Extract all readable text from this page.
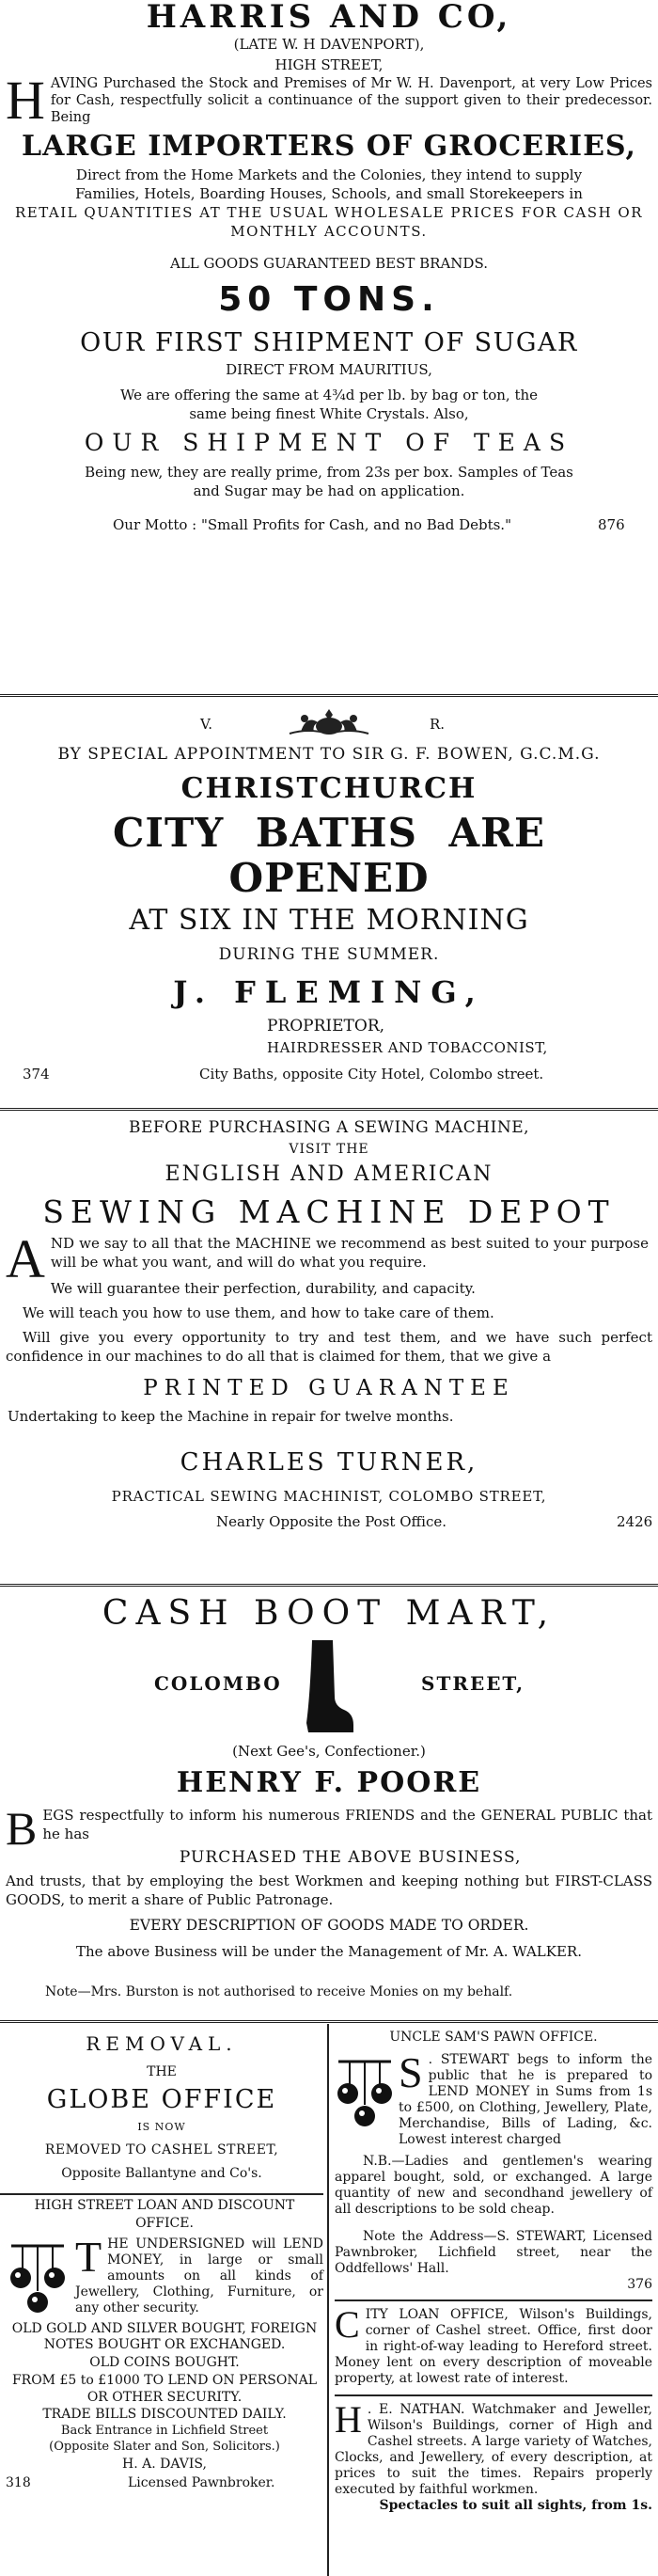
HARRIS AND CO,

(LATE W. H DAVENPORT),

HIGH STREET,

H AVING Purchased the Stock and Premises of Mr W. H. Davenport, at very Low Prices for Cash, respectfully solicit a continuance of the support given to their predecessor. Being

LARGE IMPORTERS OF GROCERIES,

Direct from the Home Markets and the Colonies, they intend to supply Families, Hotels, Boarding Houses, Schools, and small Storekeepers in

RETAIL QUANTITIES AT THE USUAL WHOLESALE PRICES FOR CASH OR MONTHLY ACCOUNTS.

ALL GOODS GUARANTEED BEST BRANDS.

50 TONS.

OUR FIRST SHIPMENT OF SUGAR

DIRECT FROM MAURITIUS,

We are offering the same at 4¾d per lb. by bag or ton, the same being finest White Crystals. Also,

OUR SHIPMENT OF TEAS

Being new, they are really prime, from 23s per box. Samples of Teas and Sugar may be had on application.

Our Motto : "Small Profits for Cash, and no Bad Debts."	876

V.	R.

BY SPECIAL APPOINTMENT TO SIR G. F. BOWEN, G.C.M.G.

CHRISTCHURCH

CITY BATHS ARE OPENED

AT SIX IN THE MORNING

DURING THE SUMMER.

J. FLEMING,

PROPRIETOR,

HAIRDRESSER AND TOBACCONIST,

374	City Baths, opposite City Hotel, Colombo street.

BEFORE PURCHASING A SEWING MACHINE,

VISIT THE

ENGLISH AND AMERICAN

SEWING MACHINE DEPOT

A ND we say to all that the MACHINE we recommend as best suited to your purpose will be what you want, and will do what you require.

We will guarantee their perfection, durability, and capacity.

We will teach you how to use them, and how to take care of them.

Will give you every opportunity to try and test them, and we have such perfect confidence in our machines to do all that is claimed for them, that we give a

PRINTED GUARANTEE

Undertaking to keep the Machine in repair for twelve months.

CHARLES TURNER,

PRACTICAL SEWING MACHINIST, COLOMBO STREET,

Nearly Opposite the Post Office.	2426

CASH BOOT MART,

COLOMBO	STREET,

(Next Gee's, Confectioner.)

HENRY F. POORE

B EGS respectfully to inform his numerous FRIENDS and the GENERAL PUBLIC that he has

PURCHASED THE ABOVE BUSINESS,

And trusts, that by employing the best Workmen and keeping nothing but FIRST-CLASS GOODS, to merit a share of Public Patronage.

EVERY DESCRIPTION OF GOODS MADE TO ORDER.

The above Business will be under the Management of Mr. A. WALKER.

Note—Mrs. Burston is not authorised to receive Monies on my behalf.

REMOVAL.

THE

GLOBE OFFICE

IS NOW

REMOVED TO CASHEL STREET,

Opposite Ballantyne and Co's.

HIGH STREET LOAN AND DISCOUNT OFFICE.

T HE UNDERSIGNED will LEND MONEY, in large or small amounts on all kinds of Jewellery, Clothing, Furniture, or any other security.

OLD GOLD AND SILVER BOUGHT, FOREIGN NOTES BOUGHT OR EXCHANGED.

OLD COINS BOUGHT.

FROM £5 to £1000 TO LEND ON PERSONAL OR OTHER SECURITY.

TRADE BILLS DISCOUNTED DAILY.

Back Entrance in Lichfield Street

(Opposite Slater and Son, Solicitors.)

H. A. DAVIS,

318	Licensed Pawnbroker.

UNCLE SAM'S PAWN OFFICE.

S . STEWART begs to inform the public that he is prepared to LEND MONEY in Sums from 1s to £500, on Clothing, Jewellery, Plate, Merchandise, Bills of Lading, &c. Lowest interest charged

N.B.—Ladies and gentlemen's wearing apparel bought, sold, or exchanged. A large quantity of new and secondhand jewellery of all descriptions to be sold cheap.

Note the Address—S. STEWART, Licensed Pawnbroker, Lichfield street, near the Oddfellows' Hall.

376

C ITY LOAN OFFICE, Wilson's Buildings, corner of Cashel street. Office, first door in right-of-way leading to Hereford street. Money lent on every description of moveable property, at lowest rate of interest.

H . E. NATHAN. Watchmaker and Jeweller, Wilson's Buildings, corner of High and Cashel streets. A large variety of Watches, Clocks, and Jewellery, of every description, at prices to suit the times. Repairs properly executed by faithful workmen.

Spectacles to suit all sights, from 1s.
